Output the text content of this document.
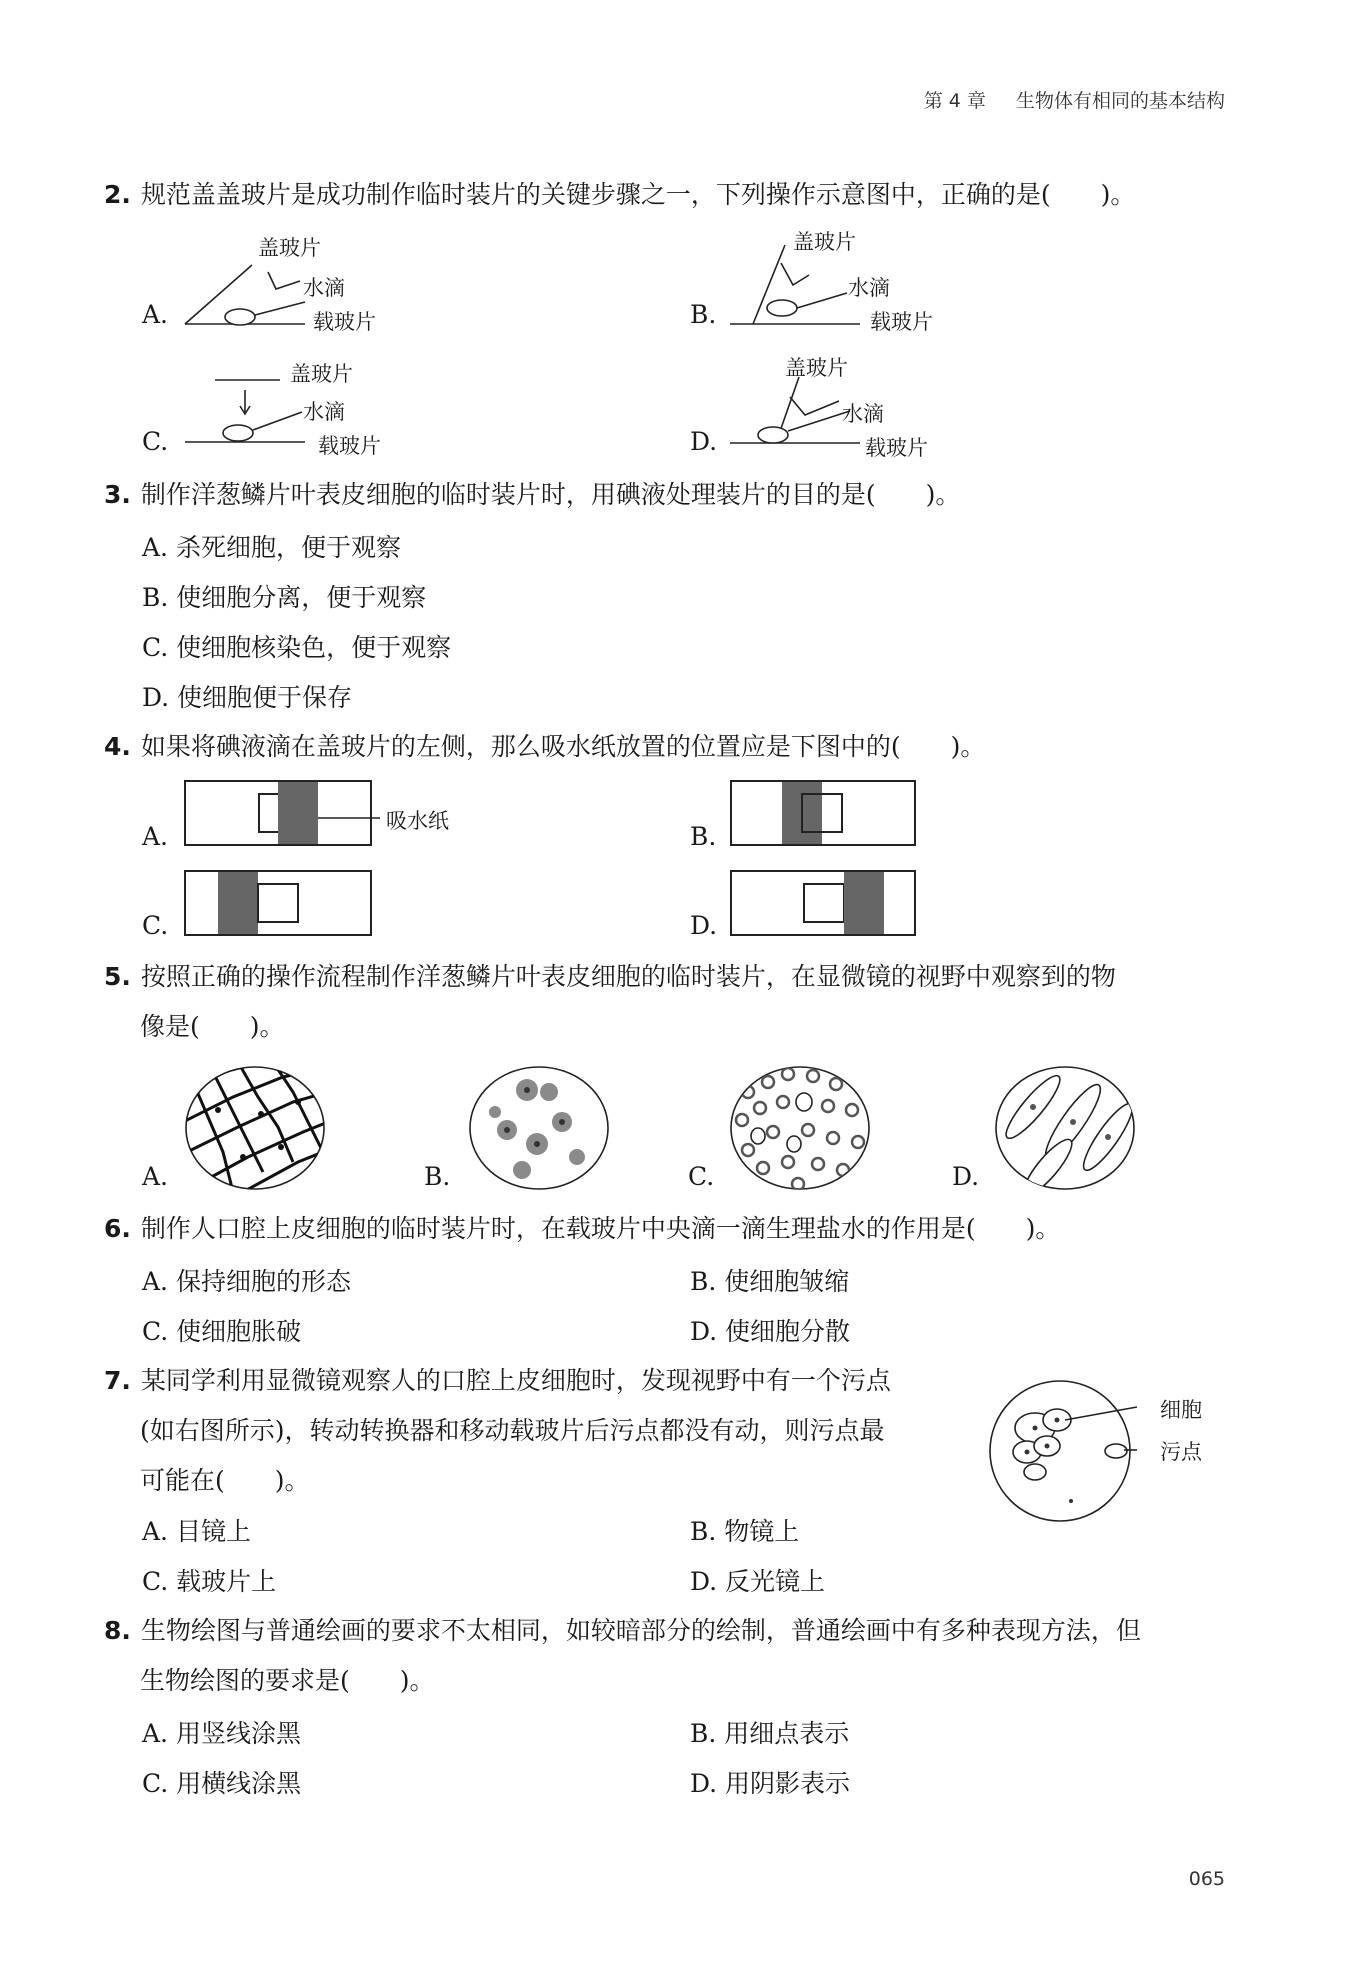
第 4 章 生物体有相同的基本结构
2. 规范盖盖玻片是成功制作临时装片的关键步骤之一，下列操作示意图中，正确的是(　　)。
A.
盖玻片
水滴
载玻片	B.
盖玻片
水滴
载玻片
C.
盖玻片
水滴
载玻片	D.
盖玻片
水滴
载玻片
3. 制作洋葱鳞片叶表皮细胞的临时装片时，用碘液处理装片的目的是(　　)。
A. 杀死细胞，便于观察
B. 使细胞分离，便于观察
C. 使细胞核染色，便于观察
D. 使细胞便于保存
4. 如果将碘液滴在盖玻片的左侧，那么吸水纸放置的位置应是下图中的(　　)。
A.
吸水纸
B.
C.	D.
5. 按照正确的操作流程制作洋葱鳞片叶表皮细胞的临时装片，在显微镜的视野中观察到的物
像是(　　)。
A.	B.	C.	D.
6. 制作人口腔上皮细胞的临时装片时，在载玻片中央滴一滴生理盐水的作用是(　　)。
A. 保持细胞的形态	B. 使细胞皱缩
C. 使细胞胀破	D. 使细胞分散
7. 某同学利用显微镜观察人的口腔上皮细胞时，发现视野中有一个污点
(如右图所示)，转动转换器和移动载玻片后污点都没有动，则污点最
可能在(　　)。
细胞
污点
A. 目镜上	B. 物镜上
C. 载玻片上	D. 反光镜上
8. 生物绘图与普通绘画的要求不太相同，如较暗部分的绘制，普通绘画中有多种表现方法，但
生物绘图的要求是(　　)。
A. 用竖线涂黑	B. 用细点表示
C. 用横线涂黑	D. 用阴影表示
065
